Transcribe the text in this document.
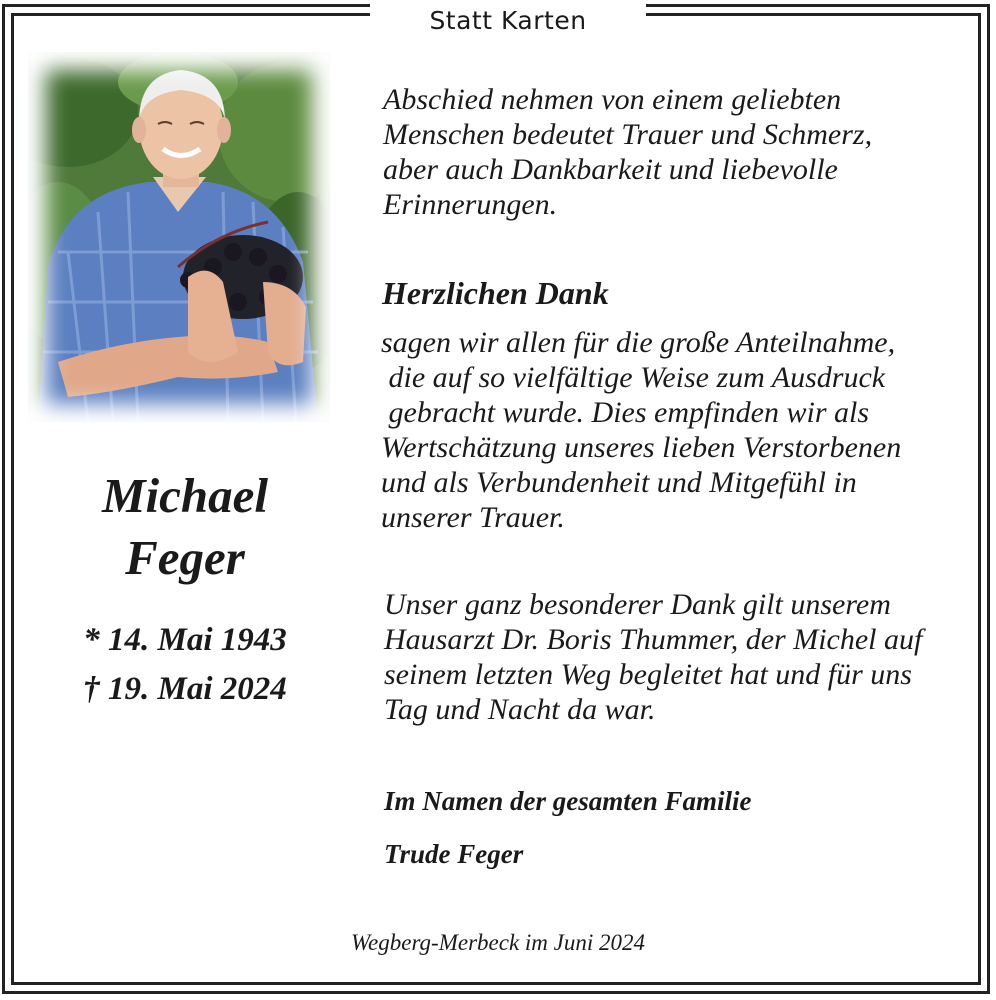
Statt Karten
Michael
Feger
* 14. Mai 1943
† 19. Mai 2024

Abschied nehmen von einem geliebten
Menschen bedeutet Trauer und Schmerz,
aber auch Dankbarkeit und liebevolle
Erinnerungen.

Herzlichen Dank

sagen wir allen für die große Anteilnahme,
die auf so vielfältige Weise zum Ausdruck
gebracht wurde. Dies empfinden wir als
Wertschätzung unseres lieben Verstorbenen
und als Verbundenheit und Mitgefühl in
unserer Trauer.

Unser ganz besonderer Dank gilt unserem
Hausarzt Dr. Boris Thummer, der Michel auf
seinem letzten Weg begleitet hat und für uns
Tag und Nacht da war.

Im Namen der gesamten Familie
Trude Feger
Wegberg-Merbeck im Juni 2024
